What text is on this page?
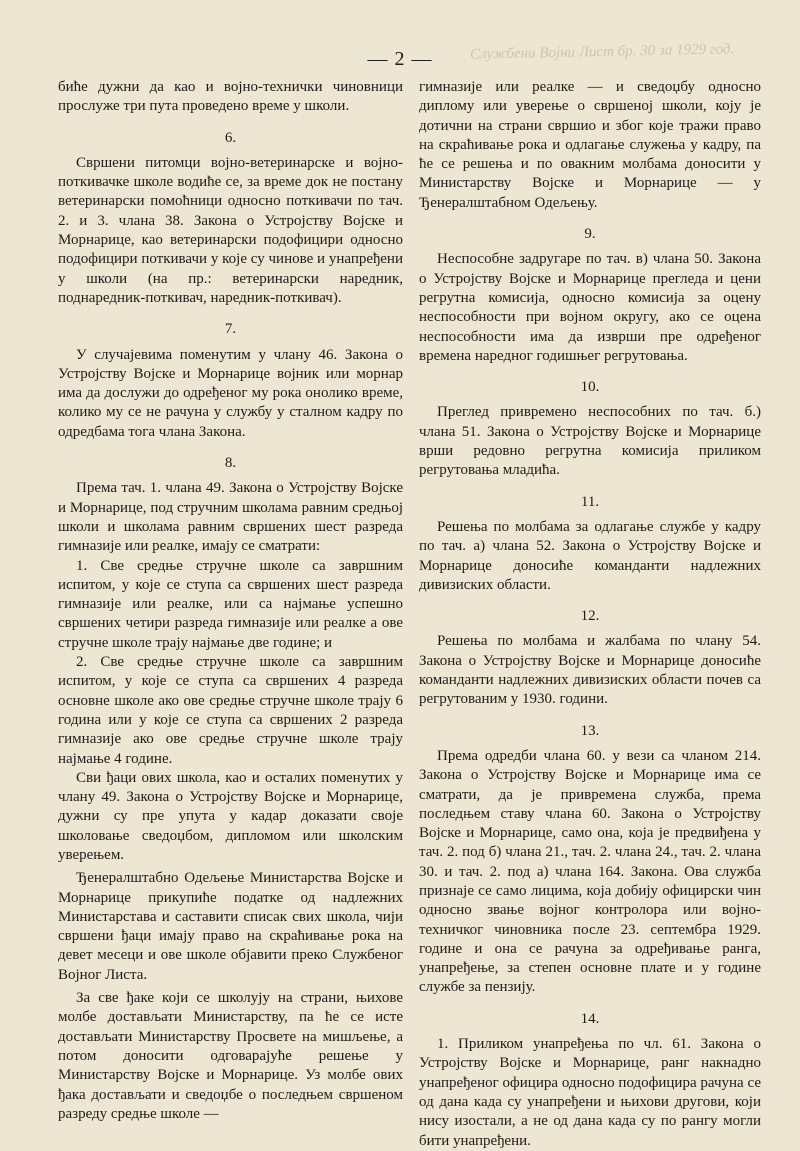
Службени Војни Лист бр. 30 за 1929 год.
— 2 —

биће дужни да као и војно-технички чиновници прослуже три пута проведено време у школи.

6.

Свршени питомци војно-ветеринарске и војно-поткивачке школе водиће се, за време док не постану ветеринарски помоћници односно поткивачи по тач. 2. и 3. члана 38. Закона о Устројству Војске и Морнарице, као ветеринарски подофицири односно подофицири поткивачи у које су чинове и унапређени у школи (на пр.: ветеринарски наредник, поднаредник-поткивач, наредник-поткивач).

7.

У случајевима поменутим у члану 46. Закона о Устројству Војске и Морнарице војник или морнар има да дослужи до одређеног му рока онолико време, колико му се не рачуна у службу у сталном кадру по одредбама тога члана Закона.

8.

Према тач. 1. члана 49. Закона о Устројству Војске и Морнарице, под стручним школама равним средњој школи и школама равним свршених шест разреда гимназије или реалке, имају се сматрати:

1. Све средње стручне школе са завршним испитом, у које се ступа са свршених шест разреда гимназије или реалке, или са најмање успешно свршених четири разреда гимназије или реалке а ове стручне школе трају најмање две године; и

2. Све средње стручне школе са завршним испитом, у које се ступа са свршених 4 разреда основне школе ако ове средње стручне школе трају 6 година или у које се ступа са свршених 2 разреда гимназије ако ове средње стручне школе трају најмање 4 године.

Сви ђаци ових школа, као и осталих поменутих у члану 49. Закона о Устројству Војске и Морнарице, дужни су пре упута у кадар доказати своје школовање сведоџбом, дипломом или школским уверењем.

Ђенералштабно Одељење Министарства Војске и Морнарице прикупиће податке од надлежних Министарстава и саставити списак свих школа, чији свршени ђаци имају право на скраћивање рока на девет месеци и ове школе објавити преко Службеног Војног Листа.

За све ђаке који се школују на страни, њихове молбе достављати Министарству, па ће се исте достављати Министарству Просвете на мишљење, а потом доносити одговарајуће решење у Министарству Војске и Морнарице. Уз молбе ових ђака достављати и сведоџбе о последњем свршеном разреду средње школе —

гимназије или реалке — и сведоџбу односно диплому или уверење о свршеној школи, коју је дотични на страни свршио и због које тражи право на скраћивање рока и одлагање служења у кадру, па ће се решења и по овакним молбама доносити у Министарству Војске и Морнарице — у Ђенералштабном Одељењу.

9.

Неспособне задругаре по тач. в) члана 50. Закона о Устројству Војске и Морнарице прегледа и цени регрутна комисија, односно комисија за оцену неспособности при војном округу, ако се оцена неспособности има да изврши пре одређеног времена наредног годишњег регрутовања.

10.

Преглед привремено неспособних по тач. б.) члана 51. Закона о Устројству Војске и Морнарице врши редовно регрутна комисија приликом регрутовања младића.

11.

Решења по молбама за одлагање службе у кадру по тач. а) члана 52. Закона о Устројству Војске и Морнарице доносиће команданти надлежних дивизиских области.

12.

Решења по молбама и жалбама по члану 54. Закона о Устројству Војске и Морнарице доносиће команданти надлежних дивизиских области почев са регрутованим у 1930. години.

13.

Према одредби члана 60. у вези са чланом 214. Закона о Устројству Војске и Морнарице има се сматрати, да је привремена служба, према последњем ставу члана 60. Закона о Устројству Војске и Морнарице, само она, која је предвиђена у тач. 2. под б) члана 21., тач. 2. члана 24., тач. 2. члана 30. и тач. 2. под а) члана 164. Закона. Ова служба признаје се само лицима, која добију официрски чин односно звање војног контролора или војно-техничког чиновника после 23. септембра 1929. године и она се рачуна за одређивање ранга, унапређење, за степен основне плате и у године службе за пензију.

14.

1. Приликом унапређења по чл. 61. Закона о Устројству Војске и Морнарице, ранг накнадно унапређеног официра односно подофицира рачуна се од дана када су унапређени и њихови другови, који нису изостали, а не од дана када су по рангу могли бити унапређени.
